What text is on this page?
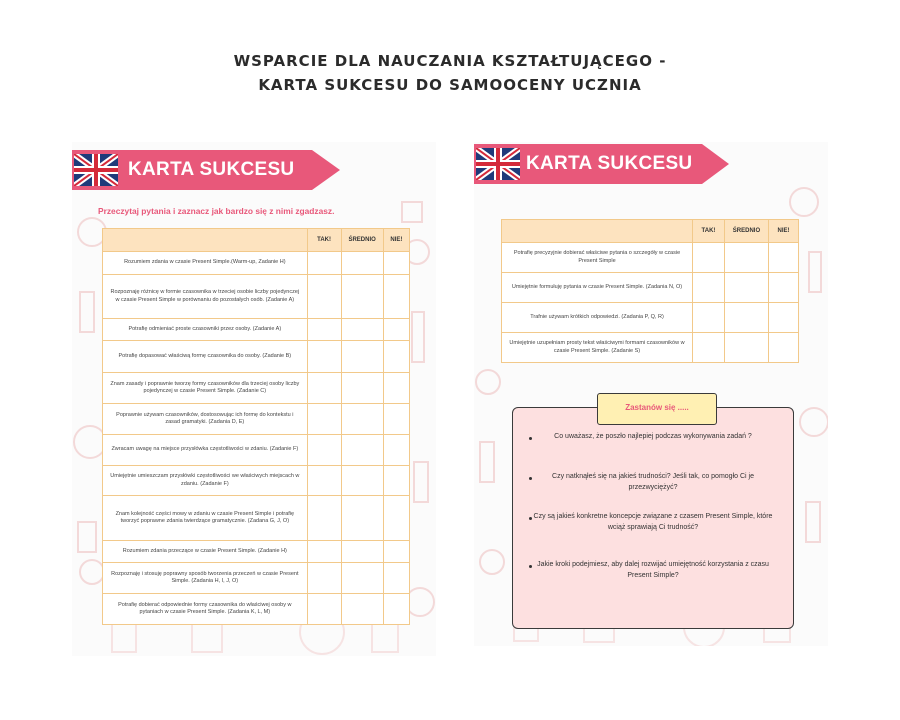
WSPARCIE DLA NAUCZANIA KSZTAŁTUJĄCEGO -
KARTA SUKCESU DO SAMOOCENY UCZNIA
KARTA SUKCESU
Przeczytaj pytania i zaznacz jak bardzo się z nimi zgadzasz.
	TAK!	ŚREDNIO	NIE!
Rozumiem zdania w czasie Present Simple.(Warm-up, Zadanie H)			
Rozpoznaję różnicę w formie czasownika w trzeciej osobie liczby pojedynczej w czasie Present Simple w porównaniu do pozostałych osób. (Zadanie A)			
Potrafię odmieniać proste czasowniki przez osoby. (Zadanie A)			
Potrafię dopasować właściwą formę czasownika do osoby. (Zadanie B)			
Znam zasady i poprawnie tworzę formy czasowników dla trzeciej osoby liczby pojedynczej w czasie Present Simple. (Zadanie C)			
Poprawnie używam czasowników, dostosowując ich formę do kontekstu i zasad gramatyki. (Zadania D, E)			
Zwracam uwagę na miejsce przysłówka częstotliwości w zdaniu. (Zadanie F)			
Umiejętnie umieszczam przysłówki częstotliwości we właściwych miejscach w zdaniu. (Zadanie F)			
Znam kolejność części mowy w zdaniu w czasie Present Simple i potrafię tworzyć poprawne zdania twierdzące gramatycznie. (Zadana G, J, O)			
Rozumiem zdania przeczące w czasie Present Simple. (Zadanie H)			
Rozpoznaję i stosuję poprawny sposób tworzenia przeczeń w czasie Present Simple. (Zadania H, I, J, O)			
Potrafię dobierać odpowiednie formy czasownika do właściwej osoby w pytaniach w czasie Present Simple. (Zadania K, L, M)			
KARTA SUKCESU
	TAK!	ŚREDNIO	NIE!
Potrafię precyzyjnie dobierać właściwe pytania o szczegóły w czasie Present Simple			
Umiejętnie formułuję pytania w czasie Present Simple. (Zadania N, O)			
Trafnie używam krótkich odpowiedzi. (Zadania P, Q, R)			
Umiejętnie uzupełniam prosty tekst właściwymi formami czasowników w czasie Present Simple. (Zadanie S)			
Zastanów się .....
Co uważasz, że poszło najlepiej podczas wykonywania zadań ?
Czy natknąłeś się na jakieś trudności? Jeśli tak, co pomogło Ci je przezwyciężyć?
Czy są jakieś konkretne koncepcje związane z czasem Present Simple, które wciąż sprawiają Ci trudność?
Jakie kroki podejmiesz, aby dalej rozwijać umiejętność korzystania z czasu Present Simple?
